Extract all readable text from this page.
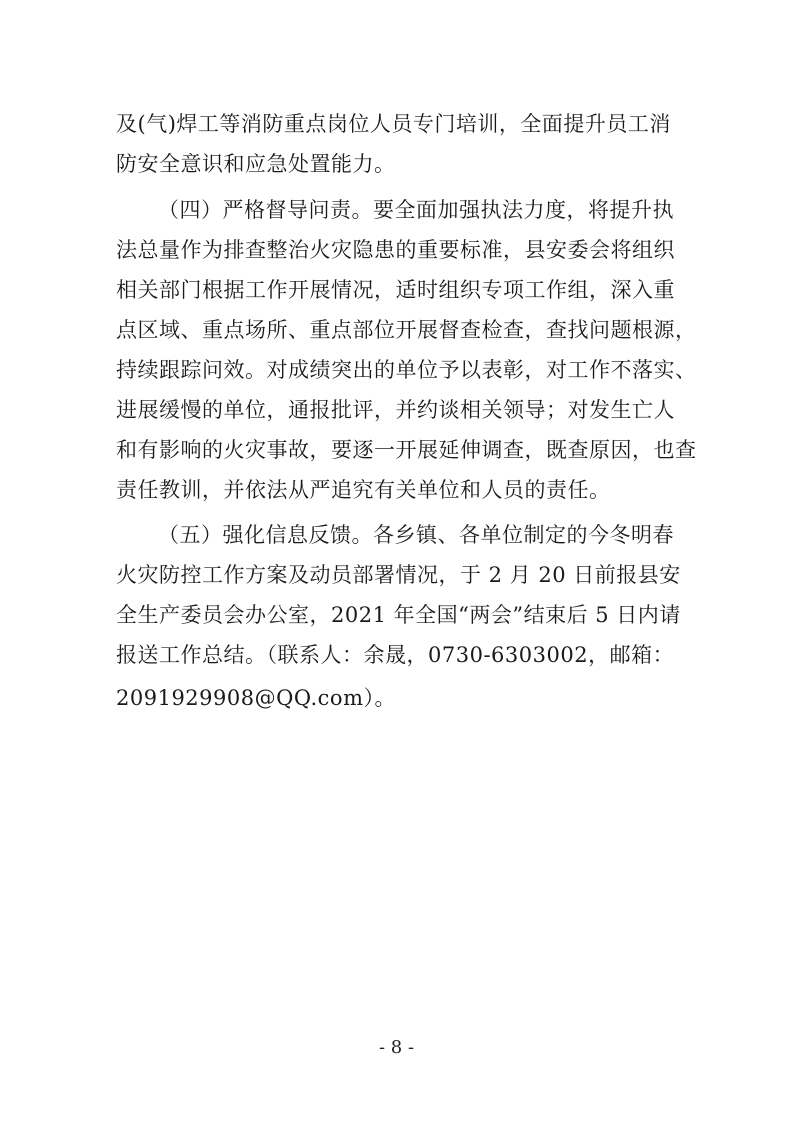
及(气)焊工等消防重点岗位人员专门培训，全面提升员工消
防安全意识和应急处置能力。
（四）严格督导问责。要全面加强执法力度，将提升执
法总量作为排查整治火灾隐患的重要标准，县安委会将组织
相关部门根据工作开展情况，适时组织专项工作组，深入重
点区域、重点场所、重点部位开展督查检查，查找问题根源，
持续跟踪问效。对成绩突出的单位予以表彰，对工作不落实、
进展缓慢的单位，通报批评，并约谈相关领导；对发生亡人
和有影响的火灾事故，要逐一开展延伸调查，既查原因，也查
责任教训，并依法从严追究有关单位和人员的责任。
（五）强化信息反馈。各乡镇、各单位制定的今冬明春
火灾防控工作方案及动员部署情况，于 2 月 20 日前报县安
全生产委员会办公室，2021 年全国“两会”结束后 5 日内请
报送工作总结。（联系人：余晟，0730-6303002，邮箱：
2091929908@QQ.com）。
- 8 -
